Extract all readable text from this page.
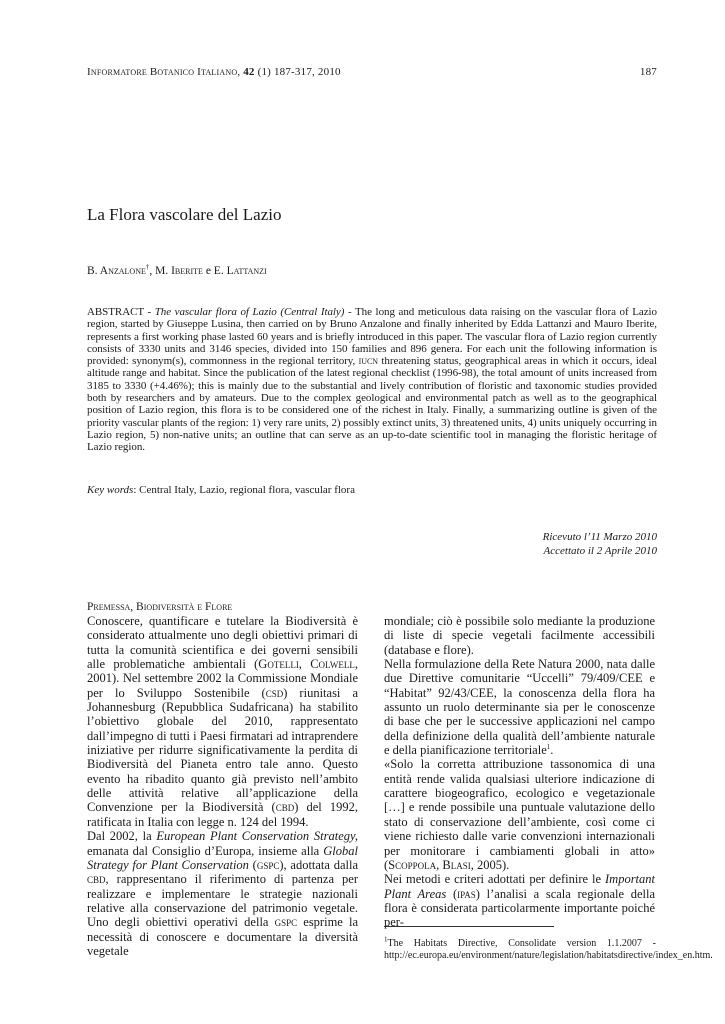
Informatore Botanico Italiano, 42 (1) 187-317, 2010	187
La Flora vascolare del Lazio
B. Anzalone†, M. Iberite e E. Lattanzi

ABSTRACT - The vascular flora of Lazio (Central Italy) - The long and meticulous data raising on the vascular flora of Lazio region, started by Giuseppe Lusina, then carried on by Bruno Anzalone and finally inherited by Edda Lattanzi and Mauro Iberite, represents a first working phase lasted 60 years and is briefly introduced in this paper. The vascular flora of Lazio region currently consists of 3330 units and 3146 species, divided into 150 families and 896 genera. For each unit the following information is provided: synonym(s), commonness in the regional territory, iucn threatening status, geographical areas in which it occurs, ideal altitude range and habitat. Since the publication of the latest regional checklist (1996-98), the total amount of units increased from 3185 to 3330 (+4.46%); this is mainly due to the substantial and lively contribution of floristic and taxonomic studies provided both by researchers and by amateurs. Due to the complex geological and environmental patch as well as to the geographical position of Lazio region, this flora is to be considered one of the richest in Italy. Finally, a summarizing outline is given of the priority vascular plants of the region: 1) very rare units, 2) possibly extinct units, 3) threatened units, 4) units uniquely occurring in Lazio region, 5) non-native units; an outline that can serve as an up-to-date scientific tool in managing the floristic heritage of Lazio region.

Key words: Central Italy, Lazio, regional flora, vascular flora
Ricevuto l’11 Marzo 2010
Accettato il 2 Aprile 2010
Premessa, Biodiversità e Flore

Conoscere, quantificare e tutelare la Biodiversità è considerato attualmente uno degli obiettivi primari di tutta la comunità scientifica e dei governi sensibili alle problematiche ambientali (Gotelli, Colwell, 2001). Nel settembre 2002 la Commissione Mondiale per lo Sviluppo Sostenibile (csd) riunitasi a Johannesburg (Repubblica Sudafricana) ha stabilito l’obiettivo globale del 2010, rappresentato dall’impegno di tutti i Paesi firmatari ad intraprendere iniziative per ridurre significativamente la perdita di Biodiversità del Pianeta entro tale anno. Questo evento ha ribadito quanto già previsto nell’ambito delle attività relative all’applicazione della Convenzione per la Biodiversità (cbd) del 1992, ratificata in Italia con legge n. 124 del 1994.

Dal 2002, la European Plant Conservation Strategy, emanata dal Consiglio d’Europa, insieme alla Global Strategy for Plant Conservation (gspc), adottata dalla cbd, rappresentano il riferimento di partenza per realizzare e implementare le strategie nazionali relative alla conservazione del patrimonio vegetale. Uno degli obiettivi operativi della gspc esprime la necessità di conoscere e documentare la diversità vegetale

mondiale; ciò è possibile solo mediante la produzione di liste di specie vegetali facilmente accessibili (database e flore).

Nella formulazione della Rete Natura 2000, nata dalle due Direttive comunitarie “Uccelli” 79/409/CEE e “Habitat” 92/43/CEE, la conoscenza della flora ha assunto un ruolo determinante sia per le conoscenze di base che per le successive applicazioni nel campo della definizione della qualità dell’ambiente naturale e della pianificazione territoriale$^1$.

«Solo la corretta attribuzione tassonomica di una entità rende valida qualsiasi ulteriore indicazione di carattere biogeografico, ecologico e vegetazionale […] e rende possibile una puntuale valutazione dello stato di conservazione dell’ambiente, così come ci viene richiesto dalle varie convenzioni internazionali per monitorare i cambiamenti globali in atto» (Scoppola, Blasi, 2005).

Nei metodi e criteri adottati per definire le Important Plant Areas (ipas) l’analisi a scala regionale della flora è considerata particolarmente importante poiché per-

$^1$The Habitats Directive, Consolidate version 1.1.2007 - http://ec.europa.eu/environment/nature/legislation/habitatsdirective/index_en.htm.
